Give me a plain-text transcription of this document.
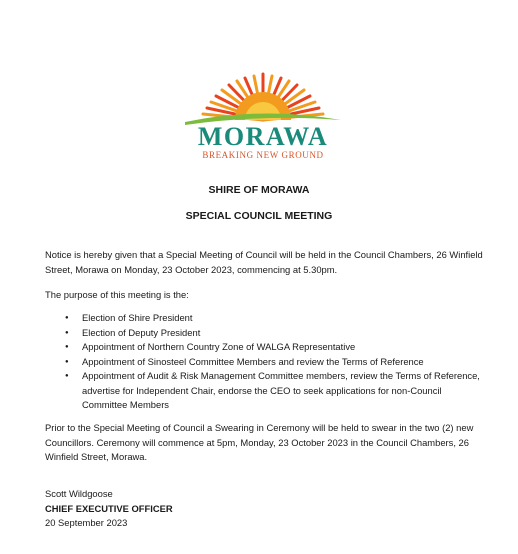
MORAWA
BREAKING NEW GROUND
SHIRE OF MORAWA
SPECIAL COUNCIL MEETING

Notice is hereby given that a Special Meeting of Council will be held in the Council Chambers, 26 Winfield Street, Morawa on Monday, 23 October 2023, commencing at 5.30pm.

The purpose of this meeting is the:

● Election of Shire President
● Election of Deputy President
● Appointment of Northern Country Zone of WALGA Representative
● Appointment of Sinosteel Committee Members and review the Terms of Reference
● Appointment of Audit & Risk Management Committee members, review the Terms of Reference, advertise for Independent Chair, endorse the CEO to seek applications for non-Council Committee Members

Prior to the Special Meeting of Council a Swearing in Ceremony will be held to swear in the two (2) new Councillors. Ceremony will commence at 5pm, Monday, 23 October 2023 in the Council Chambers, 26 Winfield Street, Morawa.

Scott Wildgoose
CHIEF EXECUTIVE OFFICER
20 September 2023
